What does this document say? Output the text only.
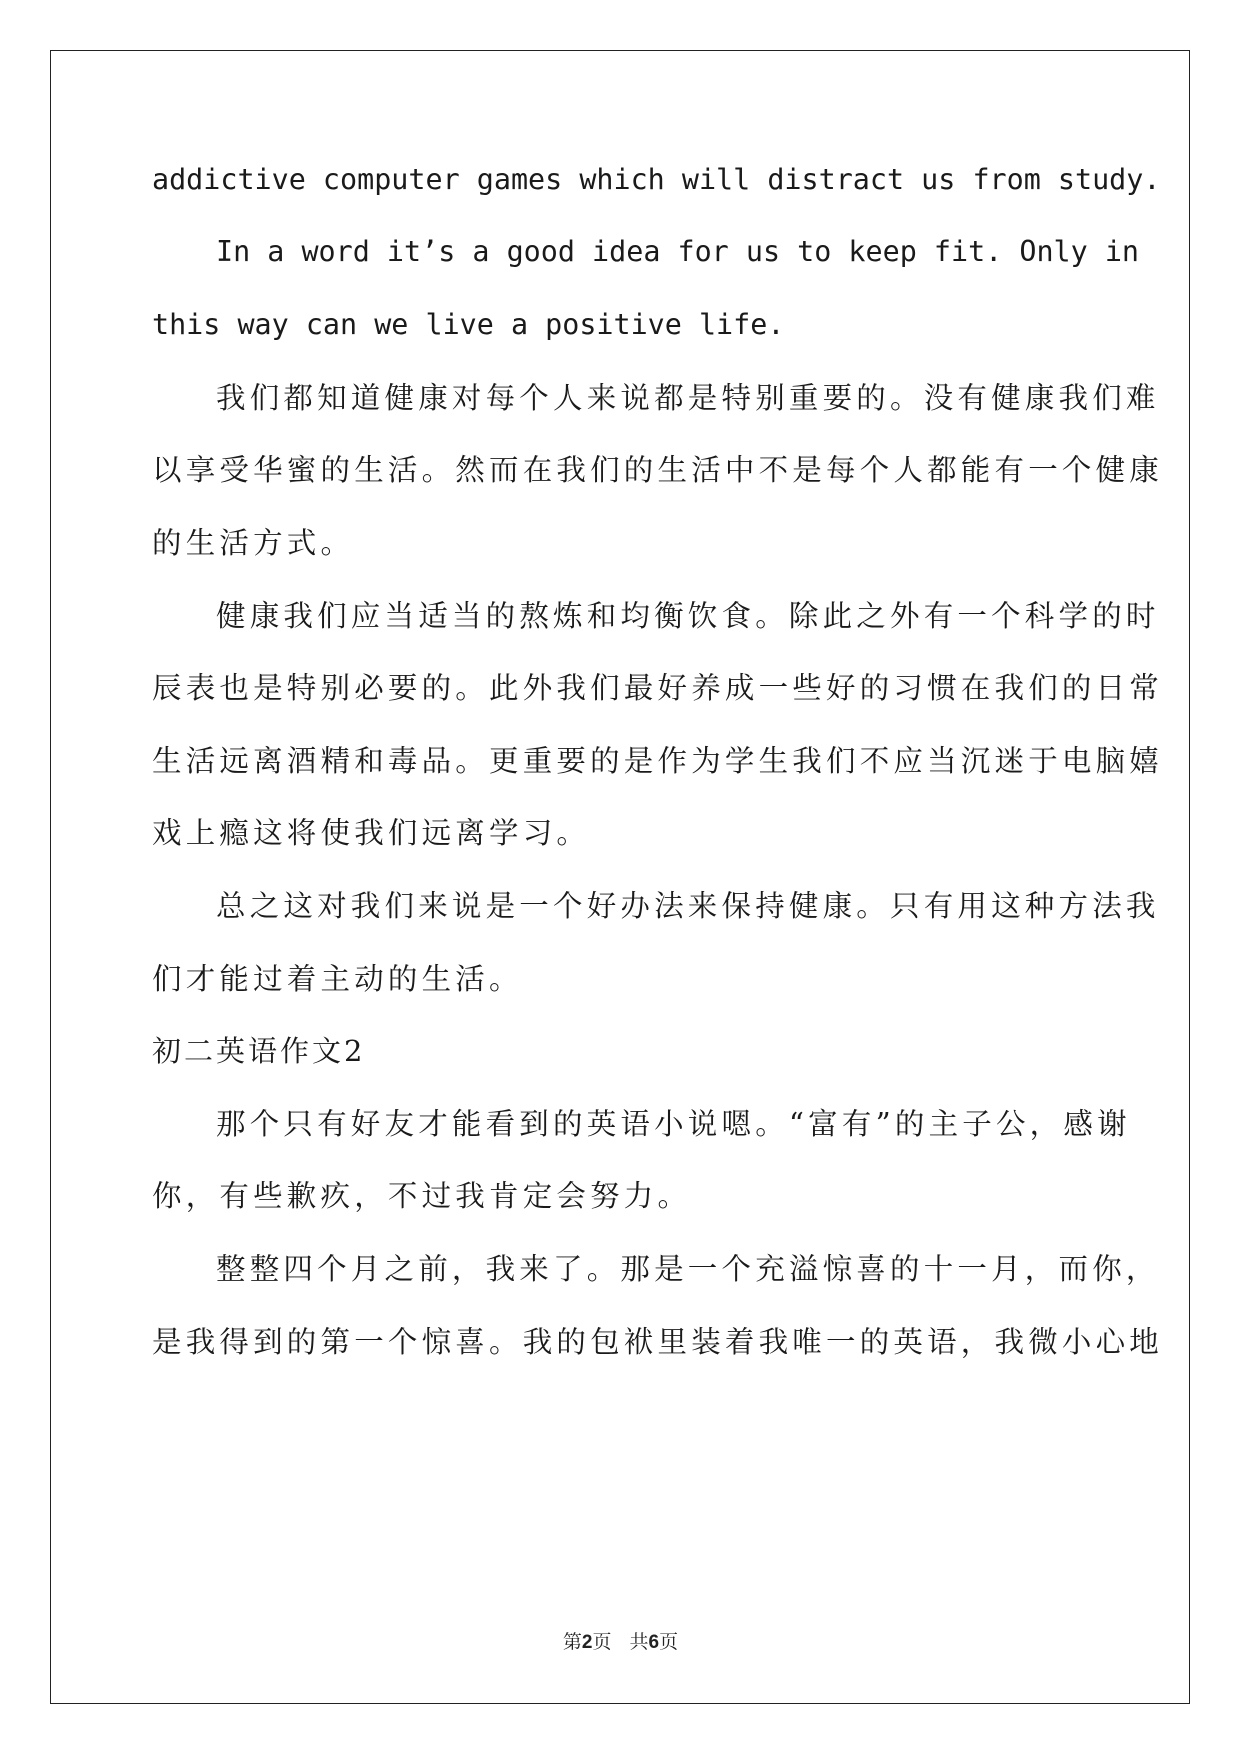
addictive computer games which will distract us from study.
In a word it’s a good idea for us to keep fit. Only in
this way can we live a positive life.
我们都知道健康对每个人来说都是特别重要的。没有健康我们难
以享受华蜜的生活。然而在我们的生活中不是每个人都能有一个健康
的生活方式。
健康我们应当适当的熬炼和均衡饮食。除此之外有一个科学的时
辰表也是特别必要的。此外我们最好养成一些好的习惯在我们的日常
生活远离酒精和毒品。更重要的是作为学生我们不应当沉迷于电脑嬉
戏上瘾这将使我们远离学习。
总之这对我们来说是一个好办法来保持健康。只有用这种方法我
们才能过着主动的生活。
初二英语作文2
那个只有好友才能看到的英语小说嗯。“富有”的主子公，感谢
你，有些歉疚，不过我肯定会努力。
整整四个月之前，我来了。那是一个充溢惊喜的十一月，而你，
是我得到的第一个惊喜。我的包袱里装着我唯一的英语，我微小心地
第2页 共6页
